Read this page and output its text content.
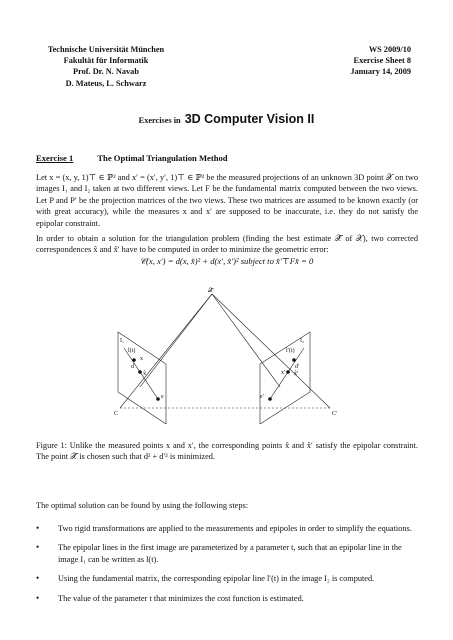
Technische Universität München
Fakultät für Informatik
Prof. Dr. N. Navab
D. Mateus, L. Schwarz
WS 2009/10
Exercise Sheet 8
January 14, 2009
Exercises in 3D Computer Vision II
Exercise 1	The Optimal Triangulation Method

Let x = (x, y, 1)⊤ ∈ ℙ² and x′ = (x′, y′, 1)⊤ ∈ ℙ² be the measured projections of an unknown 3D point 𝒳 on two images I₁ and I₂ taken at two different views. Let F be the fundamental matrix computed between the two views. Let P and P′ be the projection matrices of the two views. These two matrices are assumed to be known exactly (or with great accuracy), while the measures x and x′ are supposed to be inaccurate, i.e. they do not satisfy the epipolar constraint.

In order to obtain a solution for the triangulation problem (finding the best estimate 𝒳̂ of 𝒳), two corrected correspondences x̂ and x̂′ have to be computed in order to minimize the geometric error:

𝒞(x, x′) = d(x, x̂)² + d(x′, x̂′)² subject to x̂′⊤Fx̂ = 0
𝒳̂
I₁	I₂
l(t)	l′(t)
x
d
x̂
e
d′
x′ x̂′
e′
C	C′

Figure 1: Unlike the measured points x and x′, the corresponding points x̂ and x̂′ satisfy the epipolar constraint. The point 𝒳̂ is chosen such that d² + d′² is minimized.

The optimal solution can be found by using the following steps:

• Two rigid transformations are applied to the measurements and epipoles in order to simplify the equations.
• The epipolar lines in the first image are parameterized by a parameter t, such that an epipolar line in the image I₁ can be written as l(t).
• Using the fundamental matrix, the corresponding epipolar line l′(t) in the image I₂ is computed.
• The value of the parameter t that minimizes the cost function is estimated.
